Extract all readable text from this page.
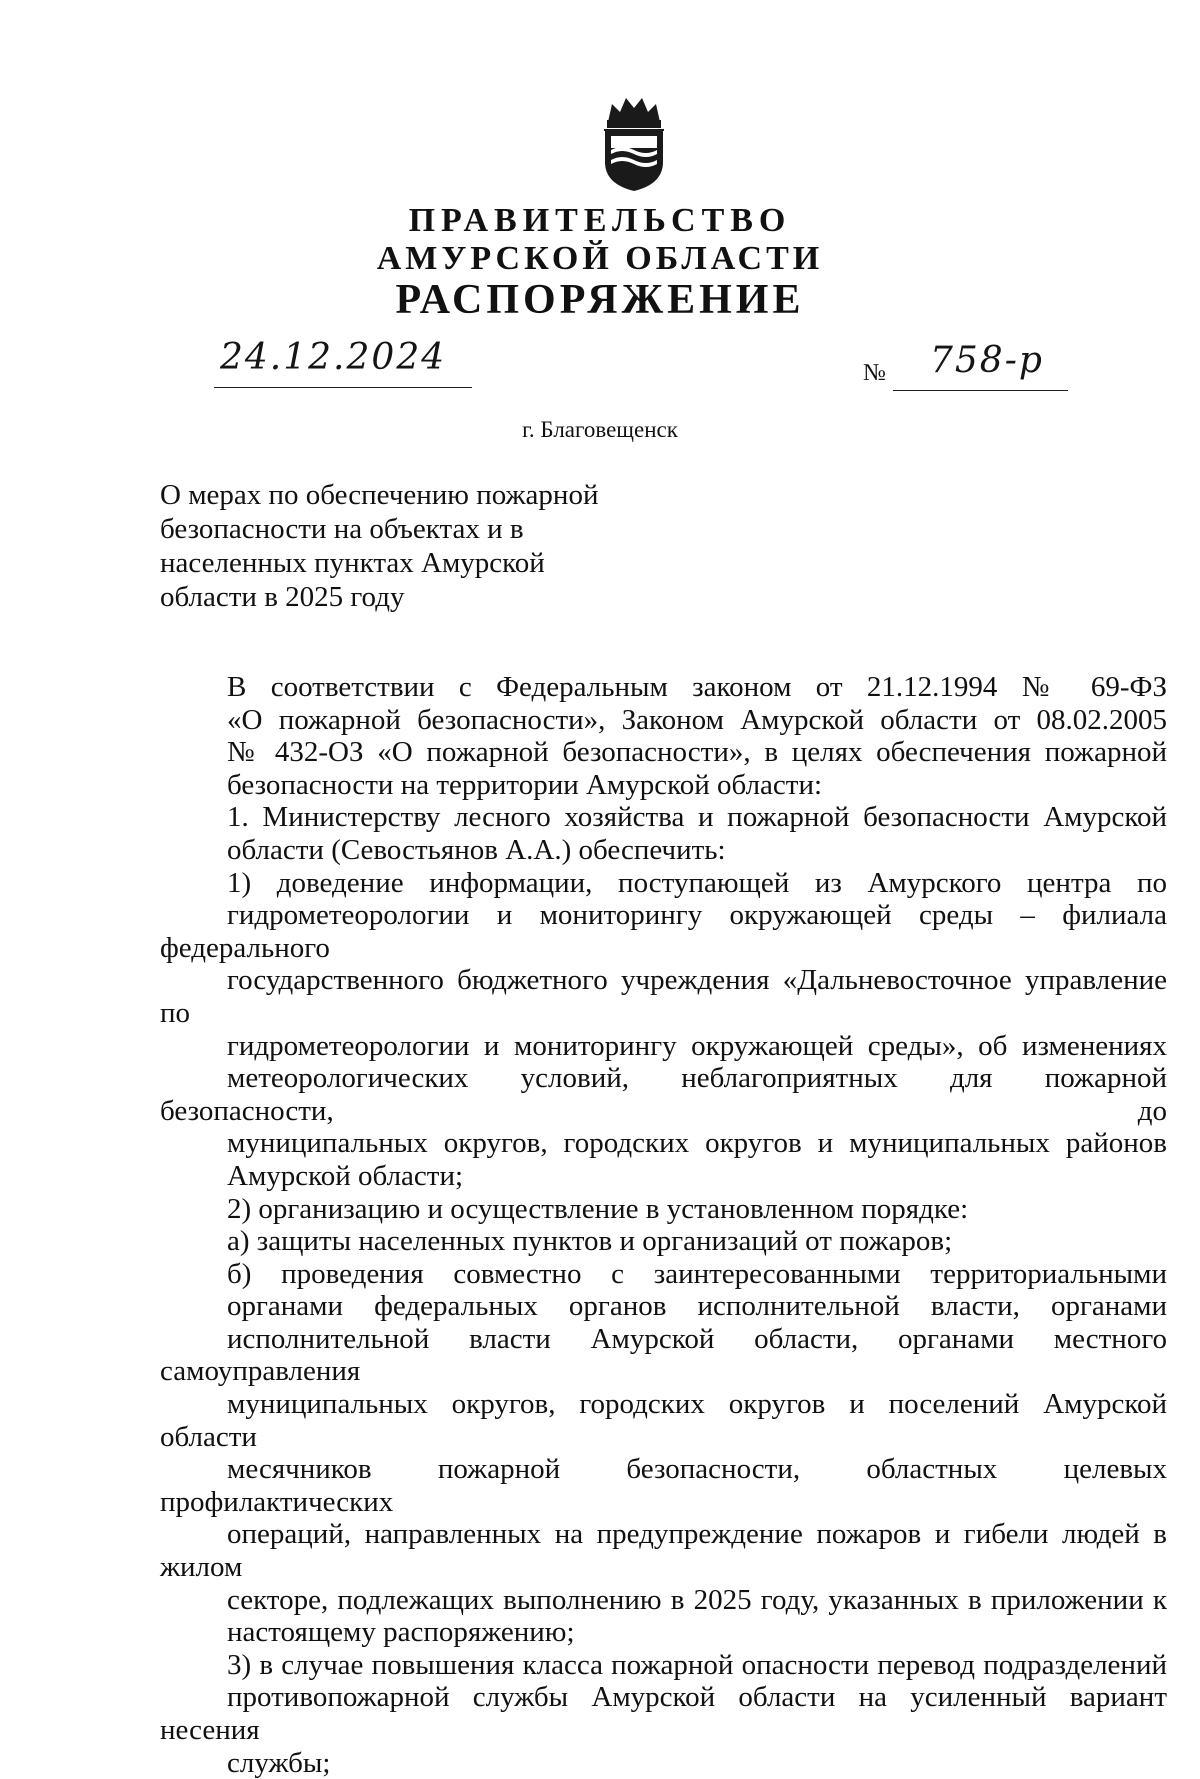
ПРАВИТЕЛЬСТВО
АМУРСКОЙ ОБЛАСТИ
РАСПОРЯЖЕНИЕ
24.12.2024	№ 758-р
г. Благовещенск
О мерах по обеспечению пожарной
безопасности на объектах и в
населенных пунктах Амурской
области в 2025 году

В соответствии с Федеральным законом от 21.12.1994 № 69-ФЗ
«О пожарной безопасности», Законом Амурской области от 08.02.2005
№ 432-ОЗ «О пожарной безопасности», в целях обеспечения пожарной
безопасности на территории Амурской области:

1. Министерству лесного хозяйства и пожарной безопасности Амурской
области (Севостьянов А.А.) обеспечить:

1) доведение информации, поступающей из Амурского центра по
гидрометеорологии и мониторингу окружающей среды – филиала федерального
государственного бюджетного учреждения «Дальневосточное управление по
гидрометеорологии и мониторингу окружающей среды», об изменениях
метеорологических условий, неблагоприятных для пожарной безопасности, до
муниципальных округов, городских округов и муниципальных районов
Амурской области;

2) организацию и осуществление в установленном порядке:

а) защиты населенных пунктов и организаций от пожаров;

б) проведения совместно с заинтересованными территориальными
органами федеральных органов исполнительной власти, органами
исполнительной власти Амурской области, органами местного самоуправления
муниципальных округов, городских округов и поселений Амурской области
месячников пожарной безопасности, областных целевых профилактических
операций, направленных на предупреждение пожаров и гибели людей в жилом
секторе, подлежащих выполнению в 2025 году, указанных в приложении к
настоящему распоряжению;

3) в случае повышения класса пожарной опасности перевод подразделений
противопожарной службы Амурской области на усиленный вариант несения
службы;
